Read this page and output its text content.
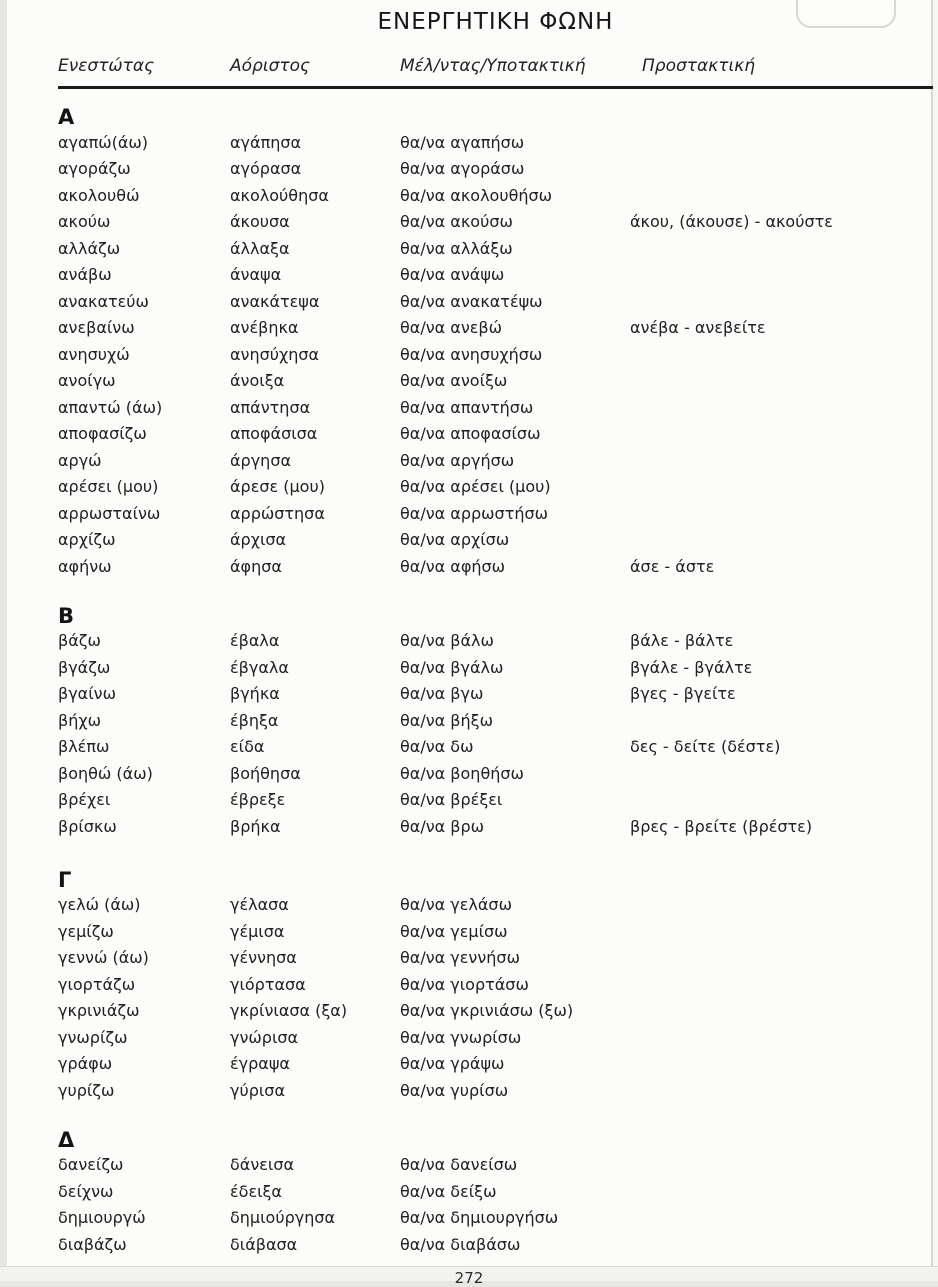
ΕΝΕΡΓΗΤΙΚΗ ΦΩΝΗ
Ενεστώτας	Αόριστος	Μέλ/ντας/Υποτακτική	Προστακτική
Α
αγαπώ(άω)	αγάπησα	θα/να αγαπήσω
αγοράζω	αγόρασα	θα/να αγοράσω
ακολουθώ	ακολούθησα	θα/να ακολουθήσω
ακούω	άκουσα	θα/να ακούσω	άκου, (άκουσε) - ακούστε
αλλάζω	άλλαξα	θα/να αλλάξω
ανάβω	άναψα	θα/να ανάψω
ανακατεύω	ανακάτεψα	θα/να ανακατέψω
ανεβαίνω	ανέβηκα	θα/να ανεβώ	ανέβα - ανεβείτε
ανησυχώ	ανησύχησα	θα/να ανησυχήσω
ανοίγω	άνοιξα	θα/να ανοίξω
απαντώ (άω)	απάντησα	θα/να απαντήσω
αποφασίζω	αποφάσισα	θα/να αποφασίσω
αργώ	άργησα	θα/να αργήσω
αρέσει (μου)	άρεσε (μου)	θα/να αρέσει (μου)
αρρωσταίνω	αρρώστησα	θα/να αρρωστήσω
αρχίζω	άρχισα	θα/να αρχίσω
αφήνω	άφησα	θα/να αφήσω	άσε - άστε
Β
βάζω	έβαλα	θα/να βάλω	βάλε - βάλτε
βγάζω	έβγαλα	θα/να βγάλω	βγάλε - βγάλτε
βγαίνω	βγήκα	θα/να βγω	βγες - βγείτε
βήχω	έβηξα	θα/να βήξω
βλέπω	είδα	θα/να δω	δες - δείτε (δέστε)
βοηθώ (άω)	βοήθησα	θα/να βοηθήσω
βρέχει	έβρεξε	θα/να βρέξει
βρίσκω	βρήκα	θα/να βρω	βρες - βρείτε (βρέστε)
Γ
γελώ (άω)	γέλασα	θα/να γελάσω
γεμίζω	γέμισα	θα/να γεμίσω
γεννώ (άω)	γέννησα	θα/να γεννήσω
γιορτάζω	γιόρτασα	θα/να γιορτάσω
γκρινιάζω	γκρίνιασα (ξα)	θα/να γκρινιάσω (ξω)
γνωρίζω	γνώρισα	θα/να γνωρίσω
γράφω	έγραψα	θα/να γράψω
γυρίζω	γύρισα	θα/να γυρίσω
Δ
δανείζω	δάνεισα	θα/να δανείσω
δείχνω	έδειξα	θα/να δείξω
δημιουργώ	δημιούργησα	θα/να δημιουργήσω
διαβάζω	διάβασα	θα/να διαβάσω
272
